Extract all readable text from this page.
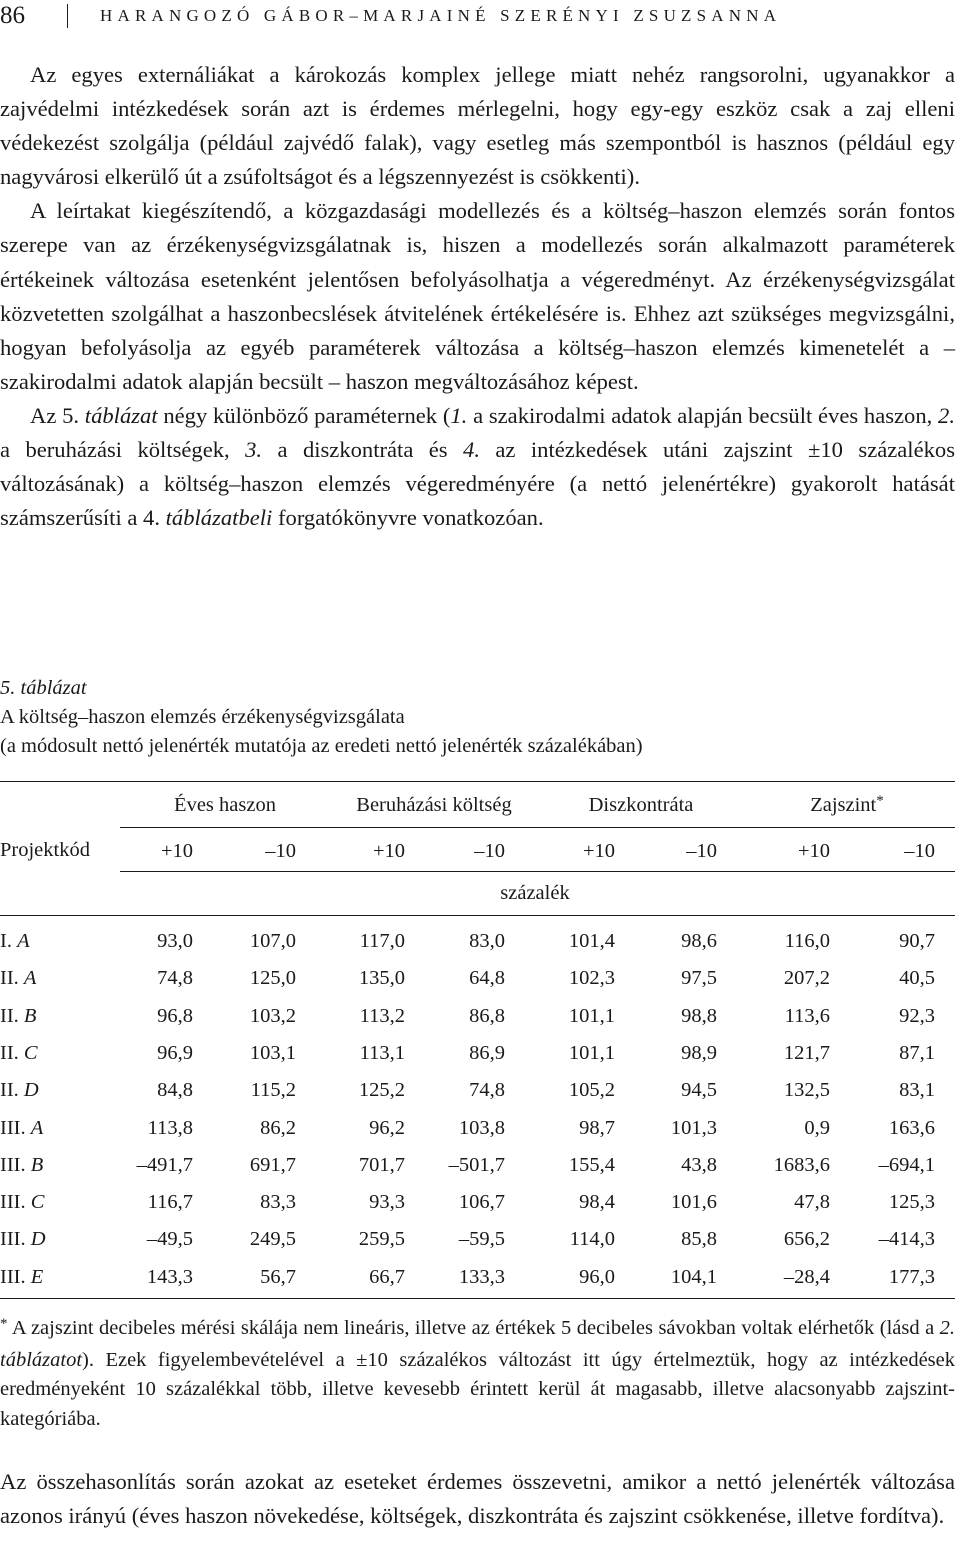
86	HARANGOZÓ GÁBOR–MARJAINÉ SZERÉNYI ZSUZSANNA

Az egyes externáliákat a károkozás komplex jellege miatt nehéz rangsorolni, ugyanakkor a zajvédelmi intézkedések során azt is érdemes mérlegelni, hogy egy-egy eszköz csak a zaj elleni védekezést szolgálja (például zajvédő falak), vagy esetleg más szempontból is hasznos (például egy nagyvárosi elkerülő út a zsúfoltságot és a légszennyezést is csökkenti).

A leírtakat kiegészítendő, a közgazdasági modellezés és a költség–haszon elemzés során fontos szerepe van az érzékenységvizsgálatnak is, hiszen a modellezés során alkalmazott paraméterek értékeinek változása esetenként jelentősen befolyásolhatja a végeredményt. Az érzékenységvizsgálat közvetetten szolgálhat a haszonbecslések átvitelének értékelésére is. Ehhez azt szükséges megvizsgálni, hogyan befolyásolja az egyéb paraméterek változása a költség–haszon elemzés kimenetelét a – szakirodalmi adatok alapján becsült – haszon megváltozásához képest.

Az 5. táblázat négy különböző paraméternek (1. a szakirodalmi adatok alapján becsült éves haszon, 2. a beruházási költségek, 3. a diszkontráta és 4. az intézkedések utáni zajszint ±10 százalékos változásának) a költség–haszon elemzés végeredményére (a nettó jelenértékre) gyakorolt hatását számszerűsíti a 4. táblázatbeli forgatókönyvre vonatkozóan.

5. táblázat
A költség–haszon elemzés érzékenységvizsgálata
(a módosult nettó jelenérték mutatója az eredeti nettó jelenérték százalékában)
Projektkód
Éves haszon	Beruházási költség	Diszkontráta	Zajszint*
százalék
+10	–10	+10	–10	+10	–10	+10	–10
I. A	93,0	107,0	117,0	83,0	101,4	98,6	116,0	90,7
II. A	74,8	125,0	135,0	64,8	102,3	97,5	207,2	40,5
II. B	96,8	103,2	113,2	86,8	101,1	98,8	113,6	92,3
II. C	96,9	103,1	113,1	86,9	101,1	98,9	121,7	87,1
II. D	84,8	115,2	125,2	74,8	105,2	94,5	132,5	83,1
III. A	113,8	86,2	96,2	103,8	98,7	101,3	0,9	163,6
III. B	–491,7	691,7	701,7	–501,7	155,4	43,8	1683,6	–694,1
III. C	116,7	83,3	93,3	106,7	98,4	101,6	47,8	125,3
III. D	–49,5	249,5	259,5	–59,5	114,0	85,8	656,2	–414,3
III. E	143,3	56,7	66,7	133,3	96,0	104,1	–28,4	177,3

* A zajszint decibeles mérési skálája nem lineáris, illetve az értékek 5 decibeles sávokban voltak elérhetők (lásd a 2. táblázatot). Ezek figyelembevételével a ±10 százalékos változást itt úgy értelmeztük, hogy az intézkedések eredményeként 10 százalékkal több, illetve kevesebb érintett kerül át magasabb, illetve alacsonyabb zajszint-kategóriába.

Az összehasonlítás során azokat az eseteket érdemes összevetni, amikor a nettó jelenérték változása azonos irányú (éves haszon növekedése, költségek, diszkontráta és zajszint csökkenése, illetve fordítva).
